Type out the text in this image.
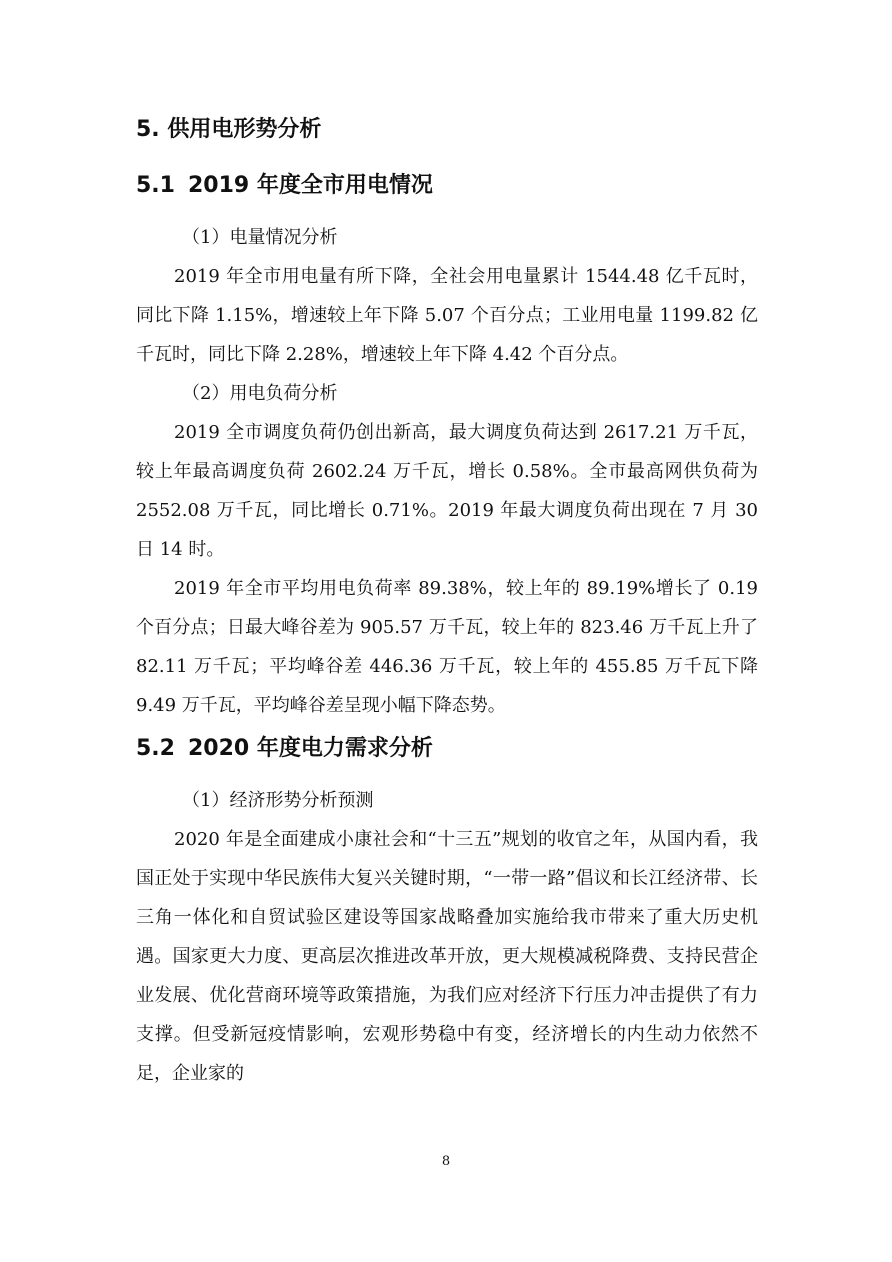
5. 供用电形势分析
5.1 2019 年度全市用电情况

（1）电量情况分析

2019 年全市用电量有所下降，全社会用电量累计 1544.48 亿千瓦时，同比下降 1.15%，增速较上年下降 5.07 个百分点；工业用电量 1199.82 亿千瓦时，同比下降 2.28%，增速较上年下降 4.42 个百分点。

（2）用电负荷分析

2019 全市调度负荷仍创出新高，最大调度负荷达到 2617.21 万千瓦，较上年最高调度负荷 2602.24 万千瓦，增长 0.58%。全市最高网供负荷为 2552.08 万千瓦，同比增长 0.71%。2019 年最大调度负荷出现在 7 月 30 日 14 时。

2019 年全市平均用电负荷率 89.38%，较上年的 89.19%增长了 0.19 个百分点；日最大峰谷差为 905.57 万千瓦，较上年的 823.46 万千瓦上升了 82.11 万千瓦；平均峰谷差 446.36 万千瓦，较上年的 455.85 万千瓦下降 9.49 万千瓦，平均峰谷差呈现小幅下降态势。

5.2 2020 年度电力需求分析

（1）经济形势分析预测

2020 年是全面建成小康社会和“十三五”规划的收官之年，从国内看，我国正处于实现中华民族伟大复兴关键时期，“一带一路”倡议和长江经济带、长三角一体化和自贸试验区建设等国家战略叠加实施给我市带来了重大历史机遇。国家更大力度、更高层次推进改革开放，更大规模减税降费、支持民营企业发展、优化营商环境等政策措施，为我们应对经济下行压力冲击提供了有力支撑。但受新冠疫情影响，宏观形势稳中有变，经济增长的内生动力依然不足，企业家的

8
